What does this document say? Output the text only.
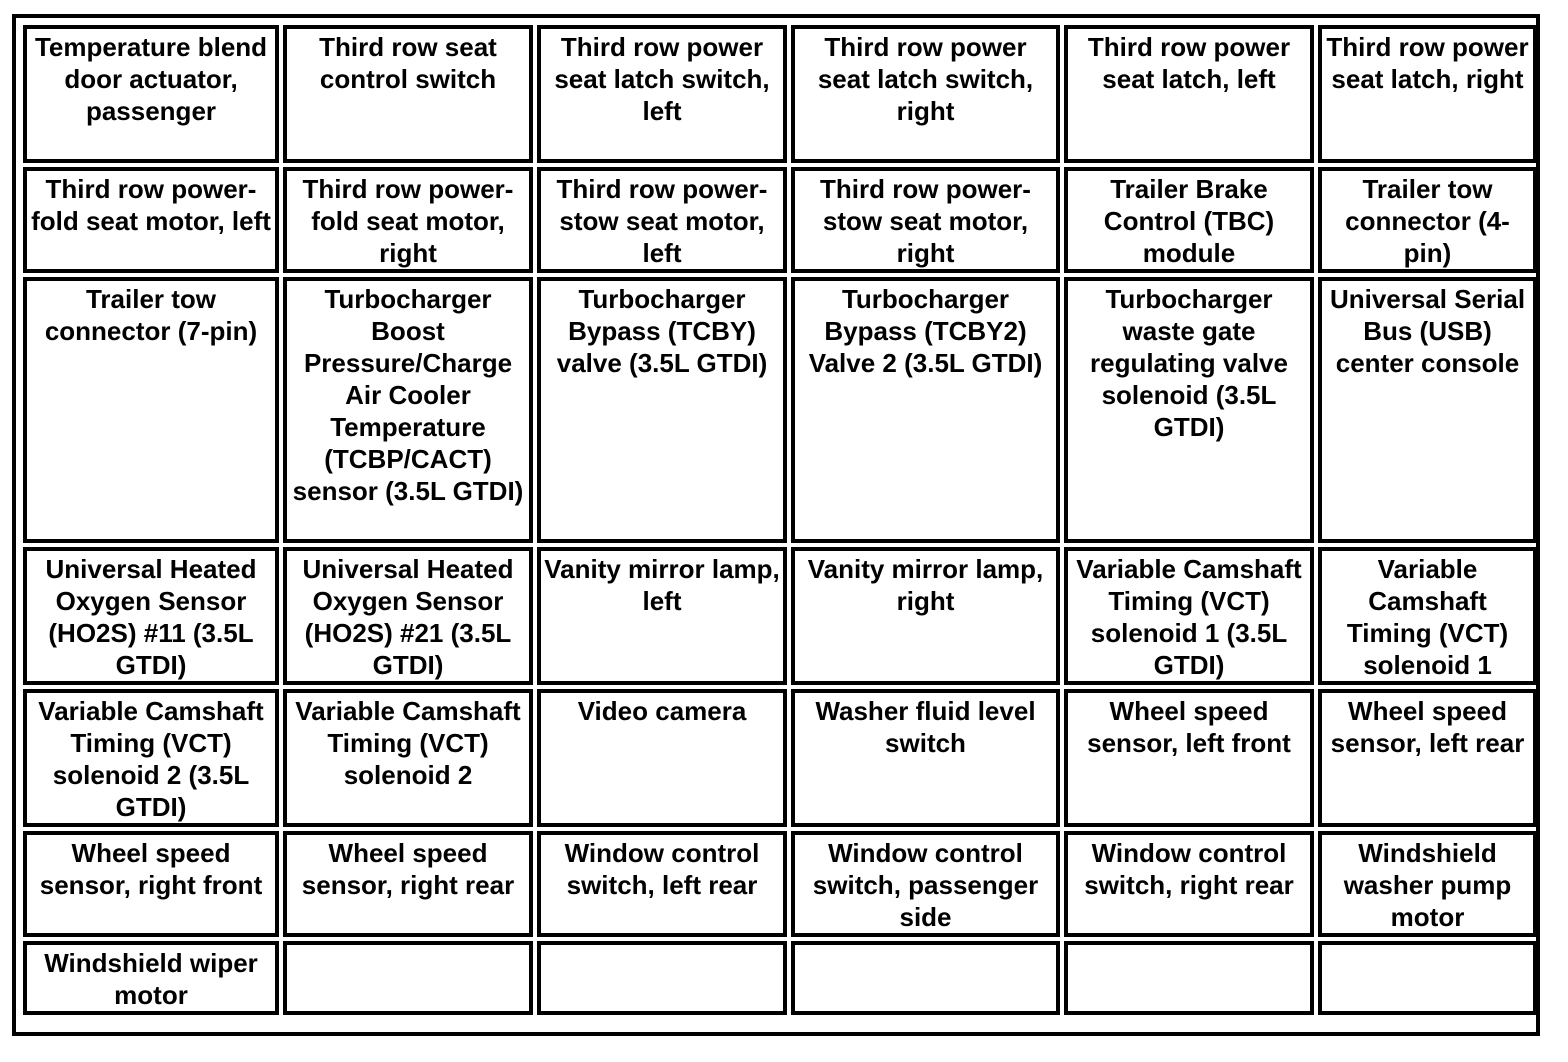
Temperature blend door actuator, passenger	Third row seat control switch	Third row power seat latch switch, left	Third row power seat latch switch, right	Third row power seat latch, left	Third row power seat latch, right

Third row power-fold seat motor, left	Third row power-fold seat motor, right	Third row power-stow seat motor, left	Third row power-stow seat motor, right	Trailer Brake Control (TBC) module	Trailer tow connector (4-pin)

Trailer tow connector (7-pin)	Turbocharger Boost Pressure/Charge Air Cooler Temperature (TCBP/CACT) sensor (3.5L GTDI)	Turbocharger Bypass (TCBY) valve (3.5L GTDI)	Turbocharger Bypass (TCBY2) Valve 2 (3.5L GTDI)	Turbocharger waste gate regulating valve solenoid (3.5L GTDI)	Universal Serial Bus (USB) center console

Universal Heated Oxygen Sensor (HO2S) #11 (3.5L GTDI)	Universal Heated Oxygen Sensor (HO2S) #21 (3.5L GTDI)	Vanity mirror lamp, left	Vanity mirror lamp, right	Variable Camshaft Timing (VCT) solenoid 1 (3.5L GTDI)	Variable Camshaft Timing (VCT) solenoid 1

Variable Camshaft Timing (VCT) solenoid 2 (3.5L GTDI)	Variable Camshaft Timing (VCT) solenoid 2	Video camera	Washer fluid level switch	Wheel speed sensor, left front	Wheel speed sensor, left rear

Wheel speed sensor, right front	Wheel speed sensor, right rear	Window control switch, left rear	Window control switch, passenger side	Window control switch, right rear	Windshield washer pump motor

Windshield wiper motor					
